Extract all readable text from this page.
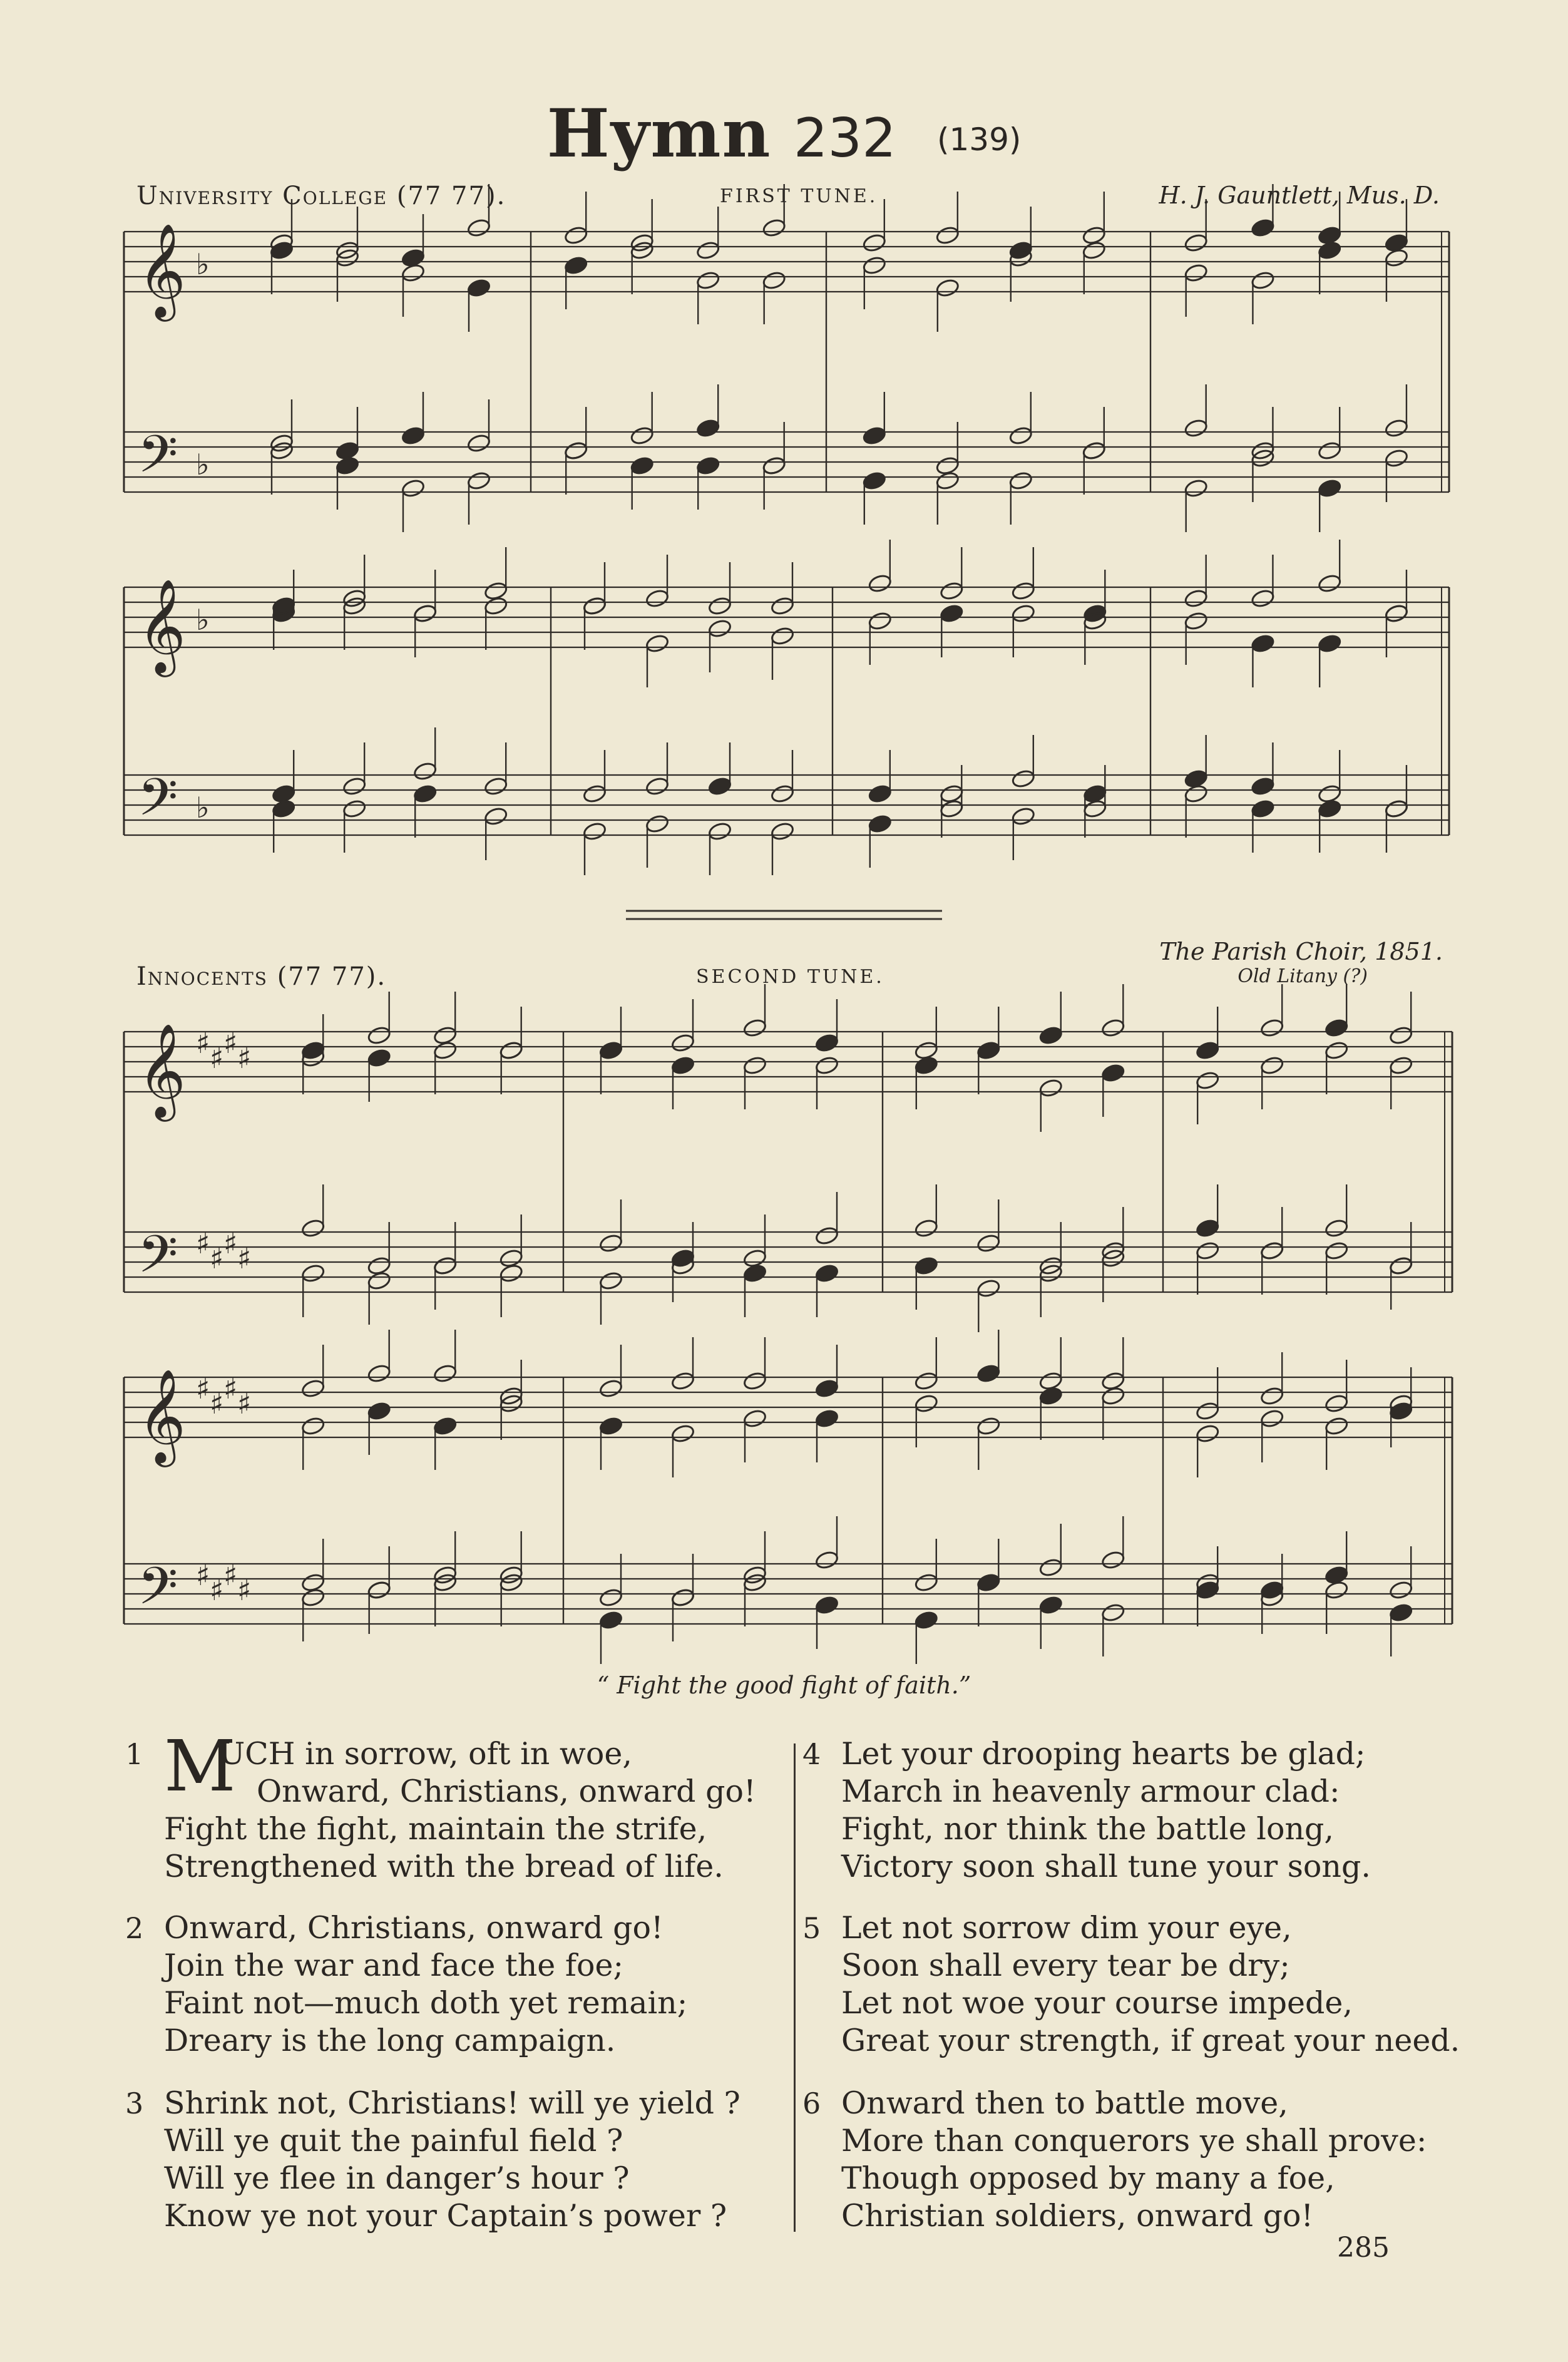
Hymn 232 (139)
University College (77 77).	FIRST TUNE.	H. J. Gauntlett, Mus. D.
Innocents (77 77).	SECOND TUNE.
The Parish Choir, 1851.
Old Litany (?)
𝄞
𝄢
♭
♭
𝄞
𝄢
♭
♭
𝄞
𝄢
♯ ♯ ♯ ♯
♯ ♯ ♯ ♯
𝄞
𝄢
♯ ♯ ♯ ♯
♯ ♯ ♯ ♯
“ Fight the good fight of faith.”
1 M
UCH in sorrow, oft in woe,
Onward, Christians, onward go!
Fight the fight, maintain the strife,
Strengthened with the bread of life.
2 Onward, Christians, onward go!
Join the war and face the foe;
Faint not—much doth yet remain;
Dreary is the long campaign.
3 Shrink not, Christians! will ye yield ?
Will ye quit the painful field ?
Will ye flee in danger’s hour ?
Know ye not your Captain’s power ?
4 Let your drooping hearts be glad;
March in heavenly armour clad:
Fight, nor think the battle long,
Victory soon shall tune your song.
5 Let not sorrow dim your eye,
Soon shall every tear be dry;
Let not woe your course impede,
Great your strength, if great your need.
6 Onward then to battle move,
More than conquerors ye shall prove:
Though opposed by many a foe,
Christian soldiers, onward go!
285
